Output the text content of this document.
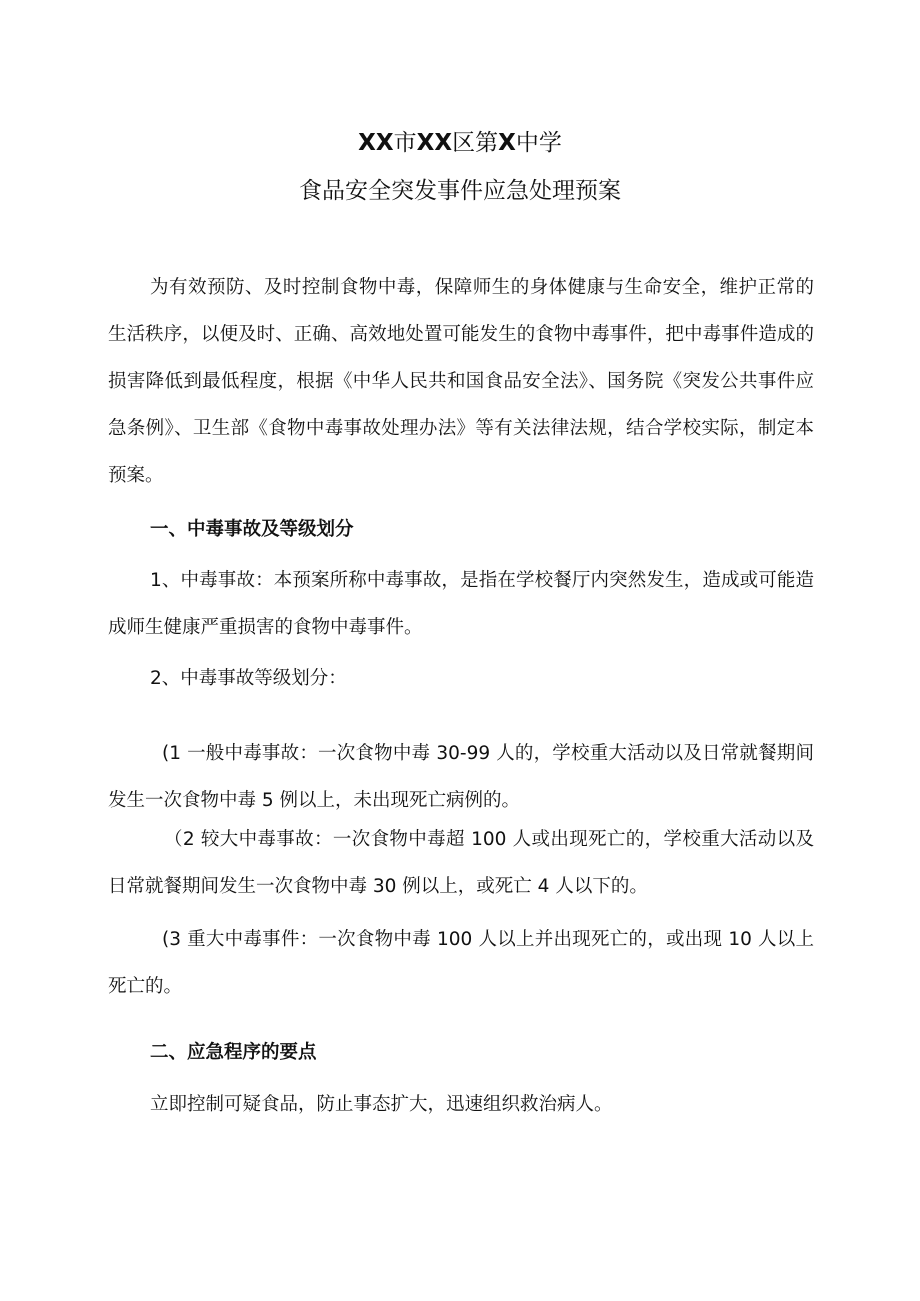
XX市XX区第X中学
食品安全突发事件应急处理预案

为有效预防、及时控制食物中毒，保障师生的身体健康与生命安全，维护正常的生活秩序，以便及时、正确、高效地处置可能发生的食物中毒事件，把中毒事件造成的损害降低到最低程度，根据《中华人民共和国食品安全法》、国务院《突发公共事件应急条例》、卫生部《食物中毒事故处理办法》等有关法律法规，结合学校实际，制定本预案。

一、中毒事故及等级划分

1、中毒事故：本预案所称中毒事故，是指在学校餐厅内突然发生，造成或可能造成师生健康严重损害的食物中毒事件。

2、中毒事故等级划分：

(1 一般中毒事故：一次食物中毒 30-99 人的，学校重大活动以及日常就餐期间发生一次食物中毒 5 例以上，未出现死亡病例的。

（2 较大中毒事故：一次食物中毒超 100 人或出现死亡的，学校重大活动以及日常就餐期间发生一次食物中毒 30 例以上，或死亡 4 人以下的。

(3 重大中毒事件：一次食物中毒 100 人以上并出现死亡的，或出现 10 人以上死亡的。

二、应急程序的要点

立即控制可疑食品，防止事态扩大，迅速组织救治病人。
